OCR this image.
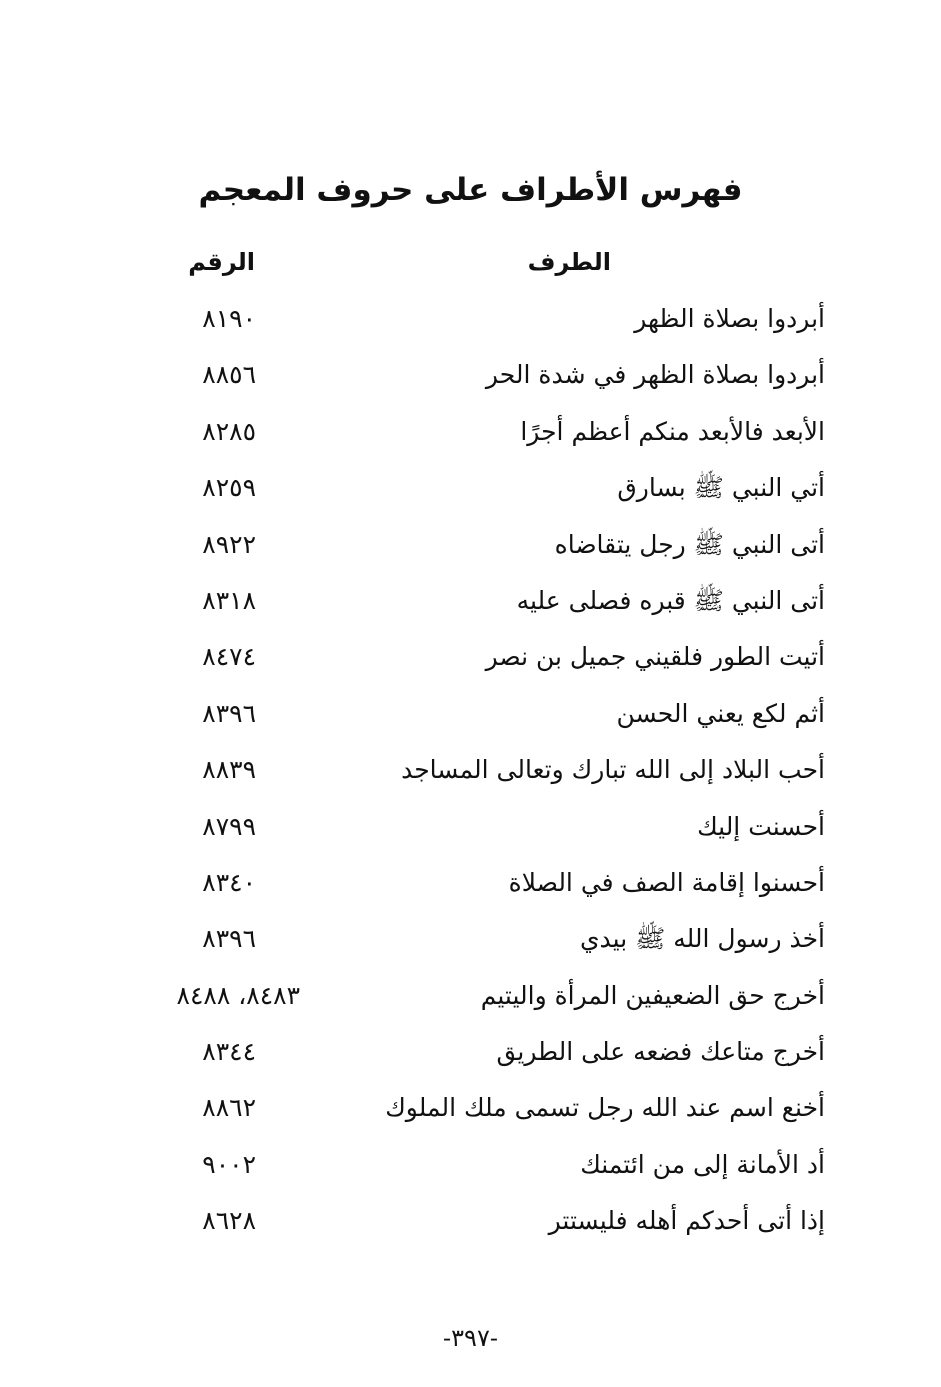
فهرس الأطراف على حروف المعجم
الطرف
الرقم
أبردوا بصلاة الظهر
٨١٩٠
أبردوا بصلاة الظهر في شدة الحر
٨٨٥٦
الأبعد فالأبعد منكم أعظم أجرًا
٨٢٨٥
أتي النبي ﷺ بسارق
٨٢٥٩
أتى النبي ﷺ رجل يتقاضاه
٨٩٢٢
أتى النبي ﷺ قبره فصلى عليه
٨٣١٨
أتيت الطور فلقيني جميل بن نصر
٨٤٧٤
أثم لكع يعني الحسن
٨٣٩٦
أحب البلاد إلى الله تبارك وتعالى المساجد
٨٨٣٩
أحسنت إليك
٨٧٩٩
أحسنوا إقامة الصف في الصلاة
٨٣٤٠
أخذ رسول الله ﷺ بيدي
٨٣٩٦
أخرج حق الضعيفين المرأة واليتيم
٨٤٨٣، ٨٤٨٨
أخرج متاعك فضعه على الطريق
٨٣٤٤
أخنع اسم عند الله رجل تسمى ملك الملوك
٨٨٦٢
أد الأمانة إلى من ائتمنك
٩٠٠٢
إذا أتى أحدكم أهله فليستتر
٨٦٢٨
-٣٩٧-
